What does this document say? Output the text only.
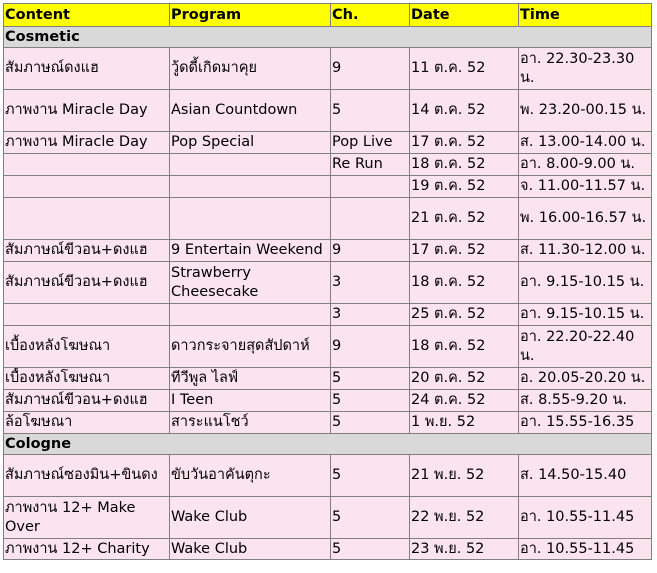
Content	Program	Ch.	Date	Time
Cosmetic				
สัมภาษณ์ดงแฮ	วู้ดดี้เกิดมาคุย	9	11 ต.ค. 52	อา. 22.30-23.30 น.
ภาพงาน Miracle Day	Asian Countdown	5	14 ต.ค. 52	พ. 23.20-00.15 น.
ภาพงาน Miracle Day	Pop Special	Pop Live	17 ต.ค. 52	ส. 13.00-14.00 น.
		Re Run	18 ต.ค. 52	อา. 8.00-9.00 น.
			19 ต.ค. 52	จ. 11.00-11.57 น.
			21 ต.ค. 52	พ. 16.00-16.57 น.
สัมภาษณ์ขีวอน+ดงแฮ	9 Entertain Weekend	9	17 ต.ค. 52	ส. 11.30-12.00 น.
สัมภาษณ์ขีวอน+ดงแฮ	Strawberry Cheesecake	3	18 ต.ค. 52	อา. 9.15-10.15 น.
		3	25 ต.ค. 52	อา. 9.15-10.15 น.
เบื้องหลังโฆษณา	ดาวกระจายสุดสัปดาห์	9	18 ต.ค. 52	อา. 22.20-22.40 น.
เบื้องหลังโฆษณา	ทีวีพูล ไลฟ์	5	20 ต.ค. 52	อ. 20.05-20.20 น.
สัมภาษณ์ขีวอน+ดงแฮ	I Teen	5	24 ต.ค. 52	ส. 8.55-9.20 น.
ล้อโฆษณา	สาระแนโชว์	5	1 พ.ย. 52	อา. 15.55-16.35
Cologne				
สัมภาษณ์ซองมิน+ขินดง	ขับวันอาคันตุกะ	5	21 พ.ย. 52	ส. 14.50-15.40
ภาพงาน 12+ Make Over	Wake Club	5	22 พ.ย. 52	อา. 10.55-11.45
ภาพงาน 12+ Charity	Wake Club	5	23 พ.ย. 52	อา. 10.55-11.45
